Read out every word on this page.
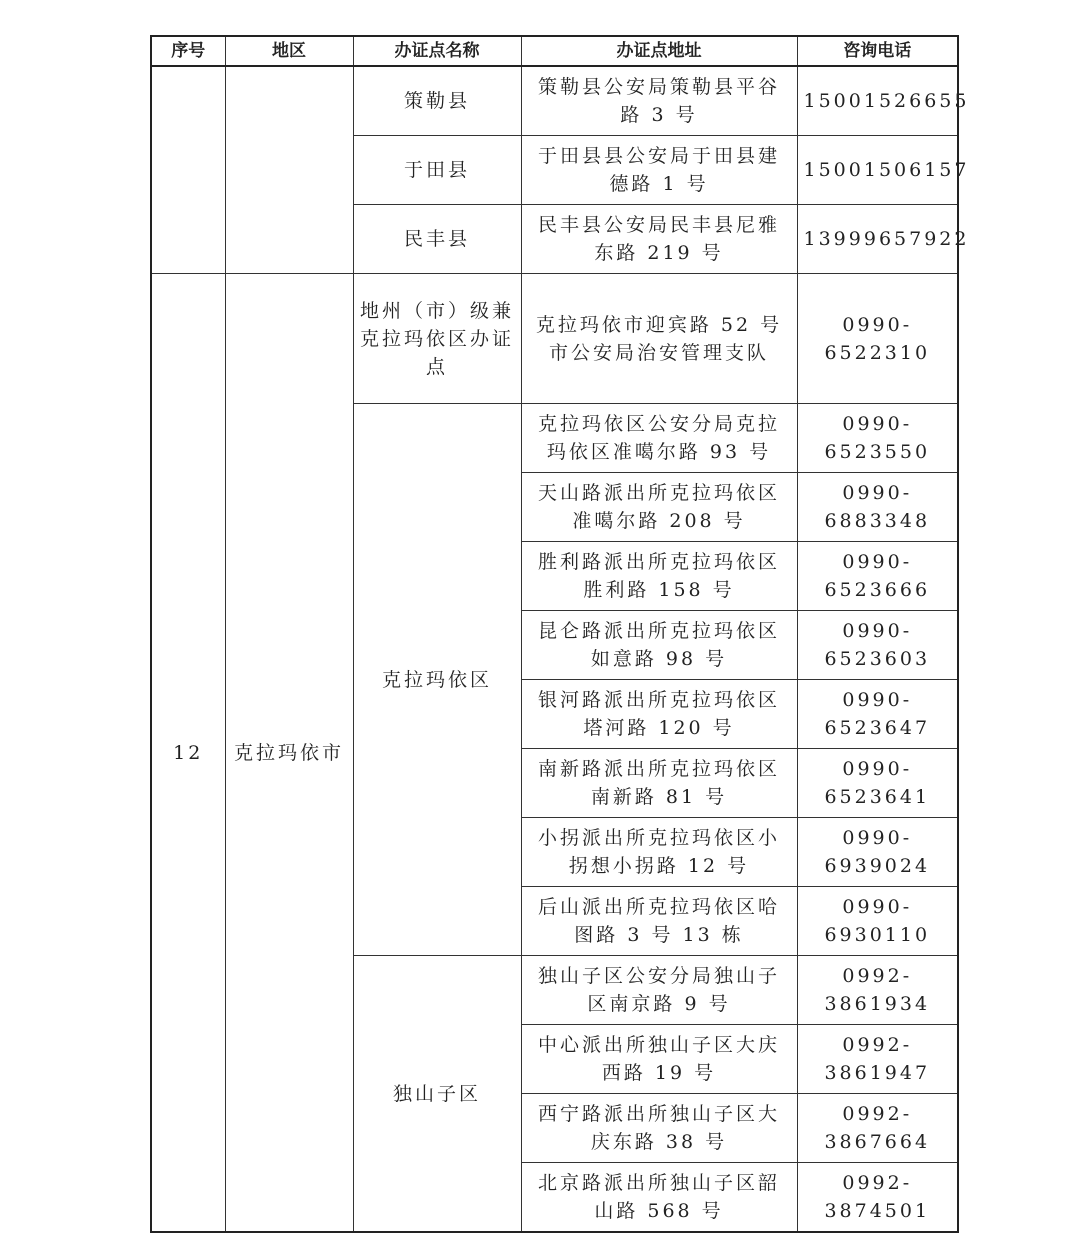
序号	地区	办证点名称	办证点地址	咨询电话
		策勒县	策勒县公安局策勒县平谷路 3 号	15001526655
		于田县	于田县县公安局于田县建德路 1 号	15001506157
		民丰县	民丰县公安局民丰县尼雅东路 219 号	13999657922
12	克拉玛依市	地州（市）级兼克拉玛依区办证点	克拉玛依市迎宾路 52 号市公安局治安管理支队	0990-6522310
		克拉玛依区	克拉玛依区公安分局克拉玛依区准噶尔路 93 号	0990-6523550
			天山路派出所克拉玛依区准噶尔路 208 号	0990-6883348
			胜利路派出所克拉玛依区胜利路 158 号	0990-6523666
			昆仑路派出所克拉玛依区如意路 98 号	0990-6523603
			银河路派出所克拉玛依区塔河路 120 号	0990-6523647
			南新路派出所克拉玛依区南新路 81 号	0990-6523641
			小拐派出所克拉玛依区小拐想小拐路 12 号	0990-6939024
			后山派出所克拉玛依区哈图路 3 号 13 栋	0990-6930110
		独山子区	独山子区公安分局独山子区南京路 9 号	0992-3861934
			中心派出所独山子区大庆西路 19 号	0992-3861947
			西宁路派出所独山子区大庆东路 38 号	0992-3867664
			北京路派出所独山子区韶山路 568 号	0992-3874501
